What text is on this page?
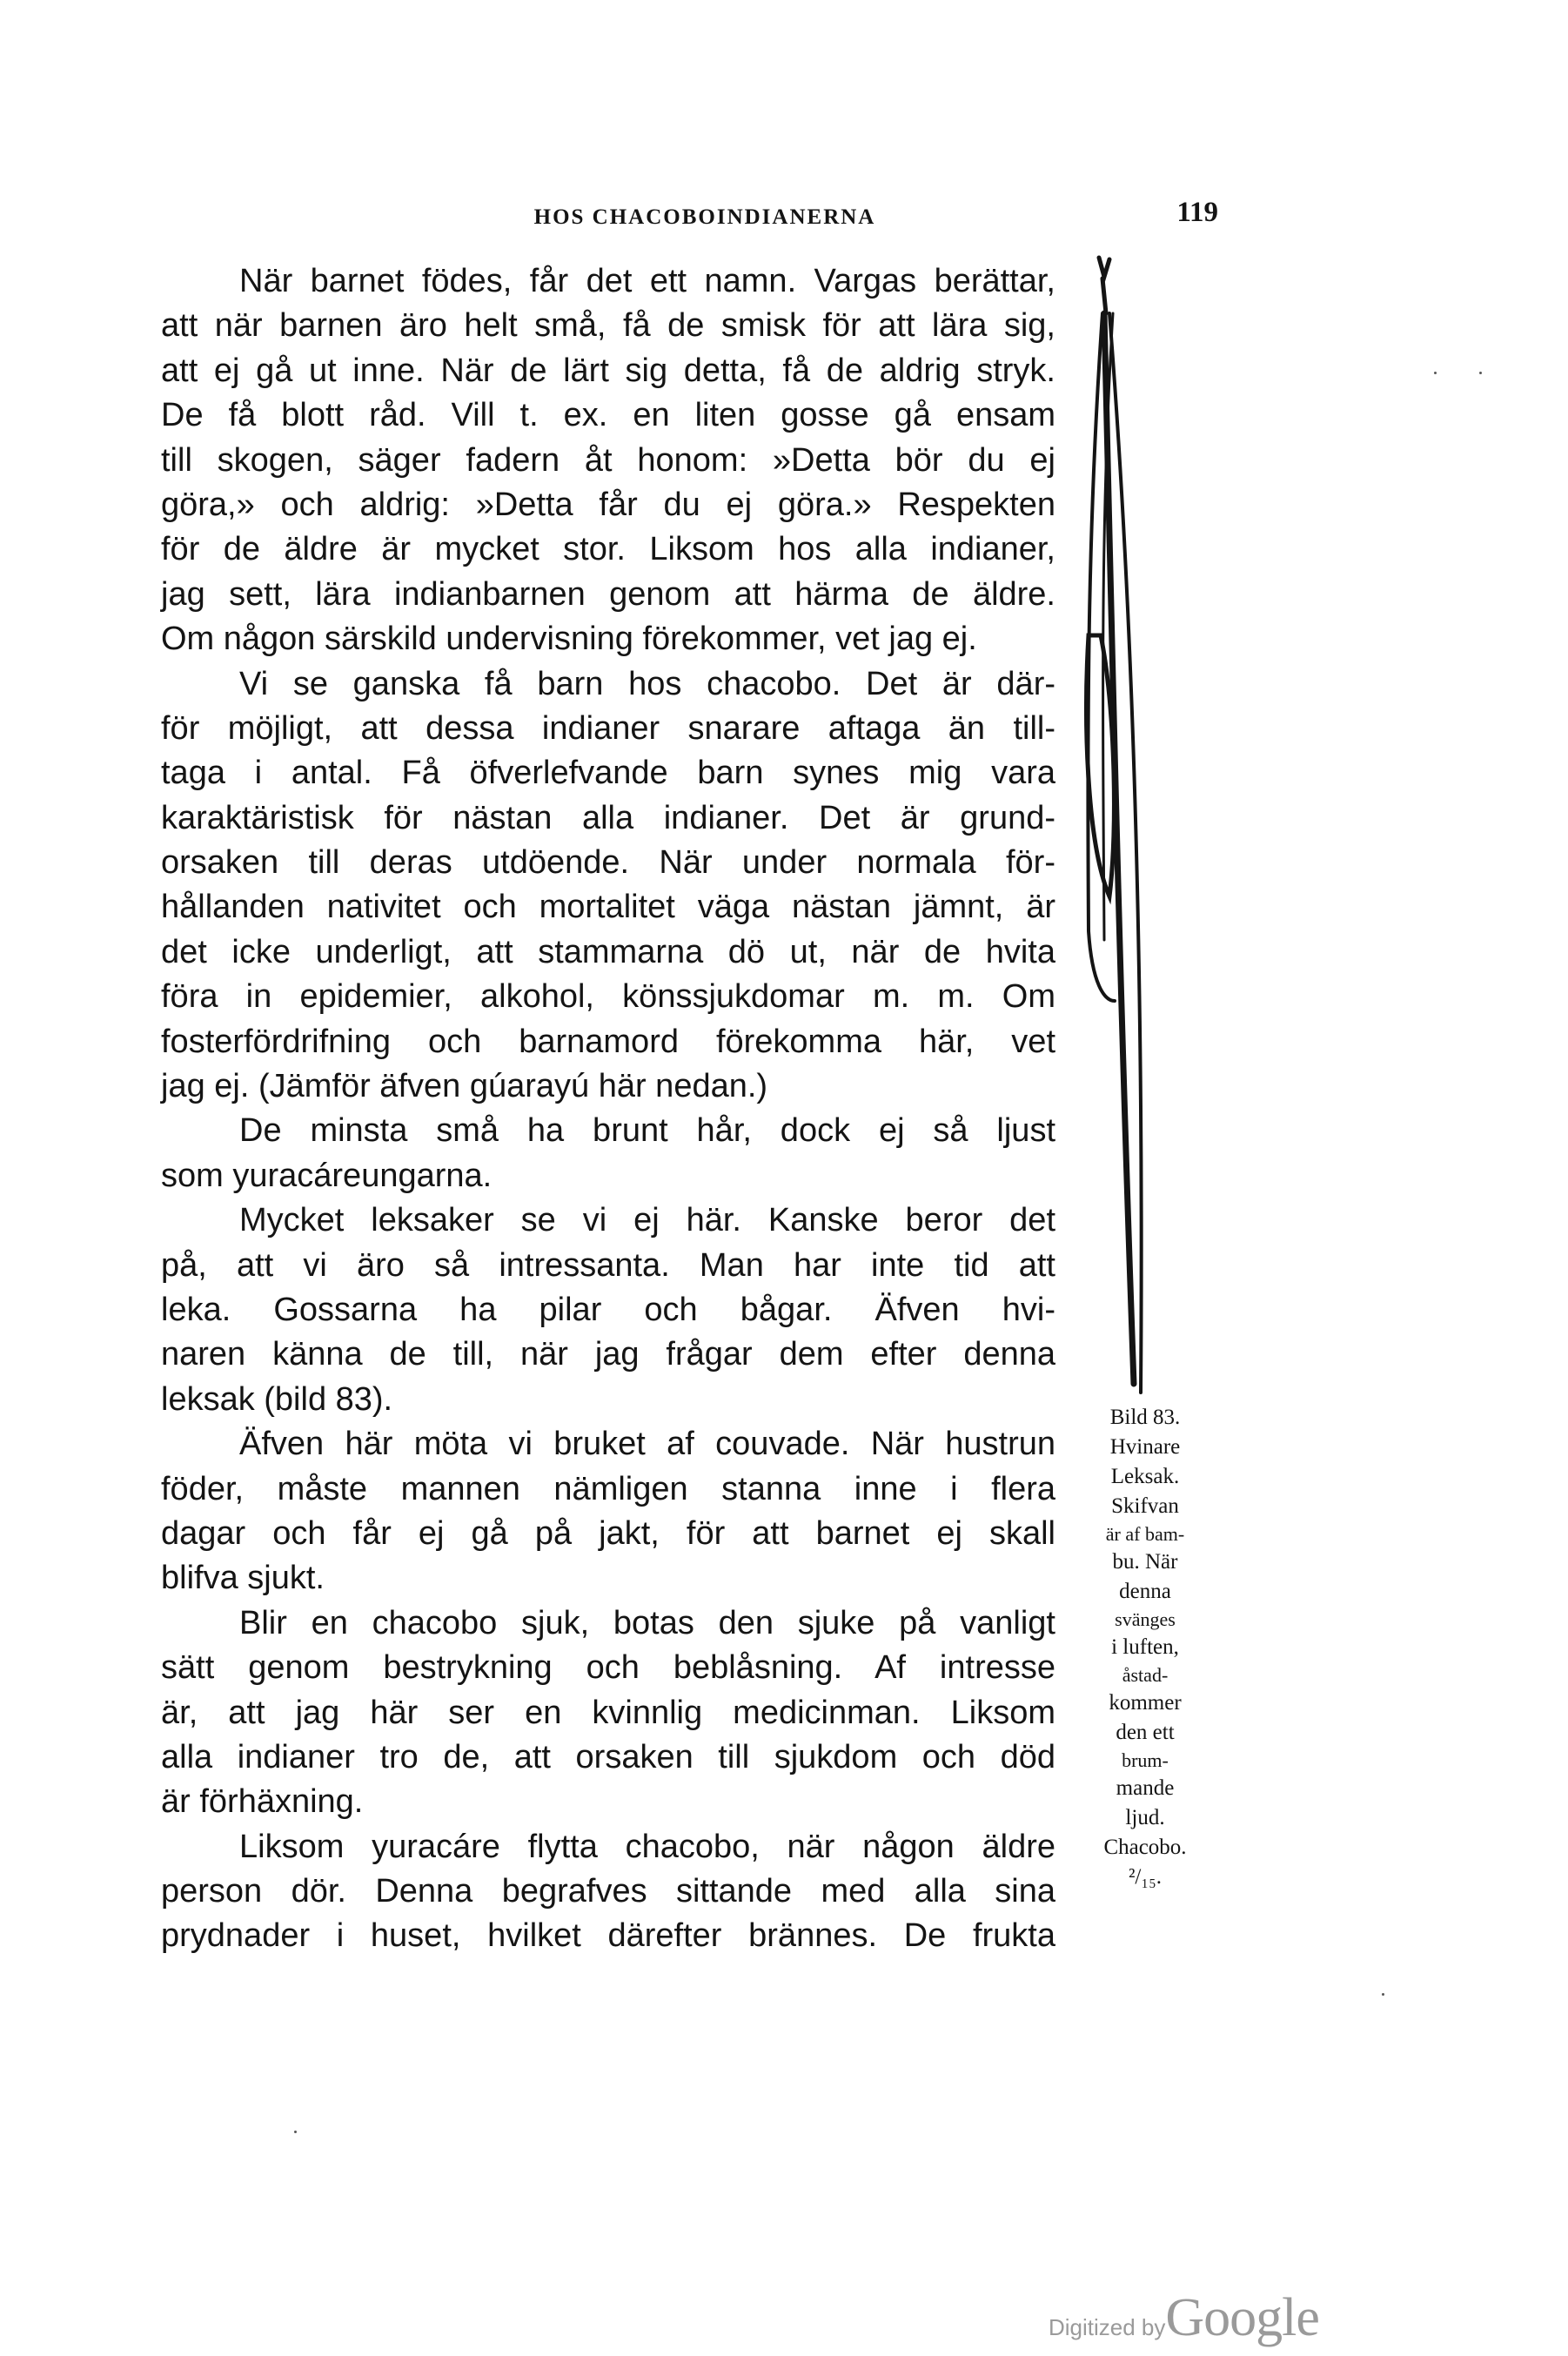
HOS CHACOBOINDIANERNA	119
När barnet födes, får det ett namn. Vargas berättar,
att när barnen äro helt små, få de smisk för att lära sig,
att ej gå ut inne. När de lärt sig detta, få de aldrig stryk.
De få blott råd. Vill t. ex. en liten gosse gå ensam
till skogen, säger fadern åt honom: »Detta bör du ej
göra,» och aldrig: »Detta får du ej göra.» Respekten
för de äldre är mycket stor. Liksom hos alla indianer,
jag sett, lära indianbarnen genom att härma de äldre.
Om någon särskild undervisning förekommer, vet jag ej.
Vi se ganska få barn hos chacobo. Det är där-
för möjligt, att dessa indianer snarare aftaga än till-
taga i antal. Få öfverlefvande barn synes mig vara
karaktäristisk för nästan alla indianer. Det är grund-
orsaken till deras utdöende. När under normala för-
hållanden nativitet och mortalitet väga nästan jämnt, är
det icke underligt, att stammarna dö ut, när de hvita
föra in epidemier, alkohol, könssjukdomar m. m. Om
fosterfördrifning och barnamord förekomma här, vet
jag ej. (Jämför äfven gúarayú här nedan.)
De minsta små ha brunt hår, dock ej så ljust
som yuracáreungarna.
Mycket leksaker se vi ej här. Kanske beror det
på, att vi äro så intressanta. Man har inte tid att
leka. Gossarna ha pilar och bågar. Äfven hvi-
naren känna de till, när jag frågar dem efter denna
leksak (bild 83).
Äfven här möta vi bruket af couvade. När hustrun
föder, måste mannen nämligen stanna inne i flera
dagar och får ej gå på jakt, för att barnet ej skall
blifva sjukt.
Blir en chacobo sjuk, botas den sjuke på vanligt
sätt genom bestrykning och beblåsning. Af intresse
är, att jag här ser en kvinnlig medicinman. Liksom
alla indianer tro de, att orsaken till sjukdom och död
är förhäxning.
Liksom yuracáre flytta chacobo, när någon äldre
person dör. Denna begrafves sittande med alla sina
prydnader i huset, hvilket därefter brännes. De frukta
Bild 83.
Hvinare
Leksak.
Skifvan
är af bam-
bu. När
denna
svänges
i luften,
åstad-
kommer
den ett
brum-
mande
ljud.
Chacobo.
²/₁₅.
Digitized byGoogle
